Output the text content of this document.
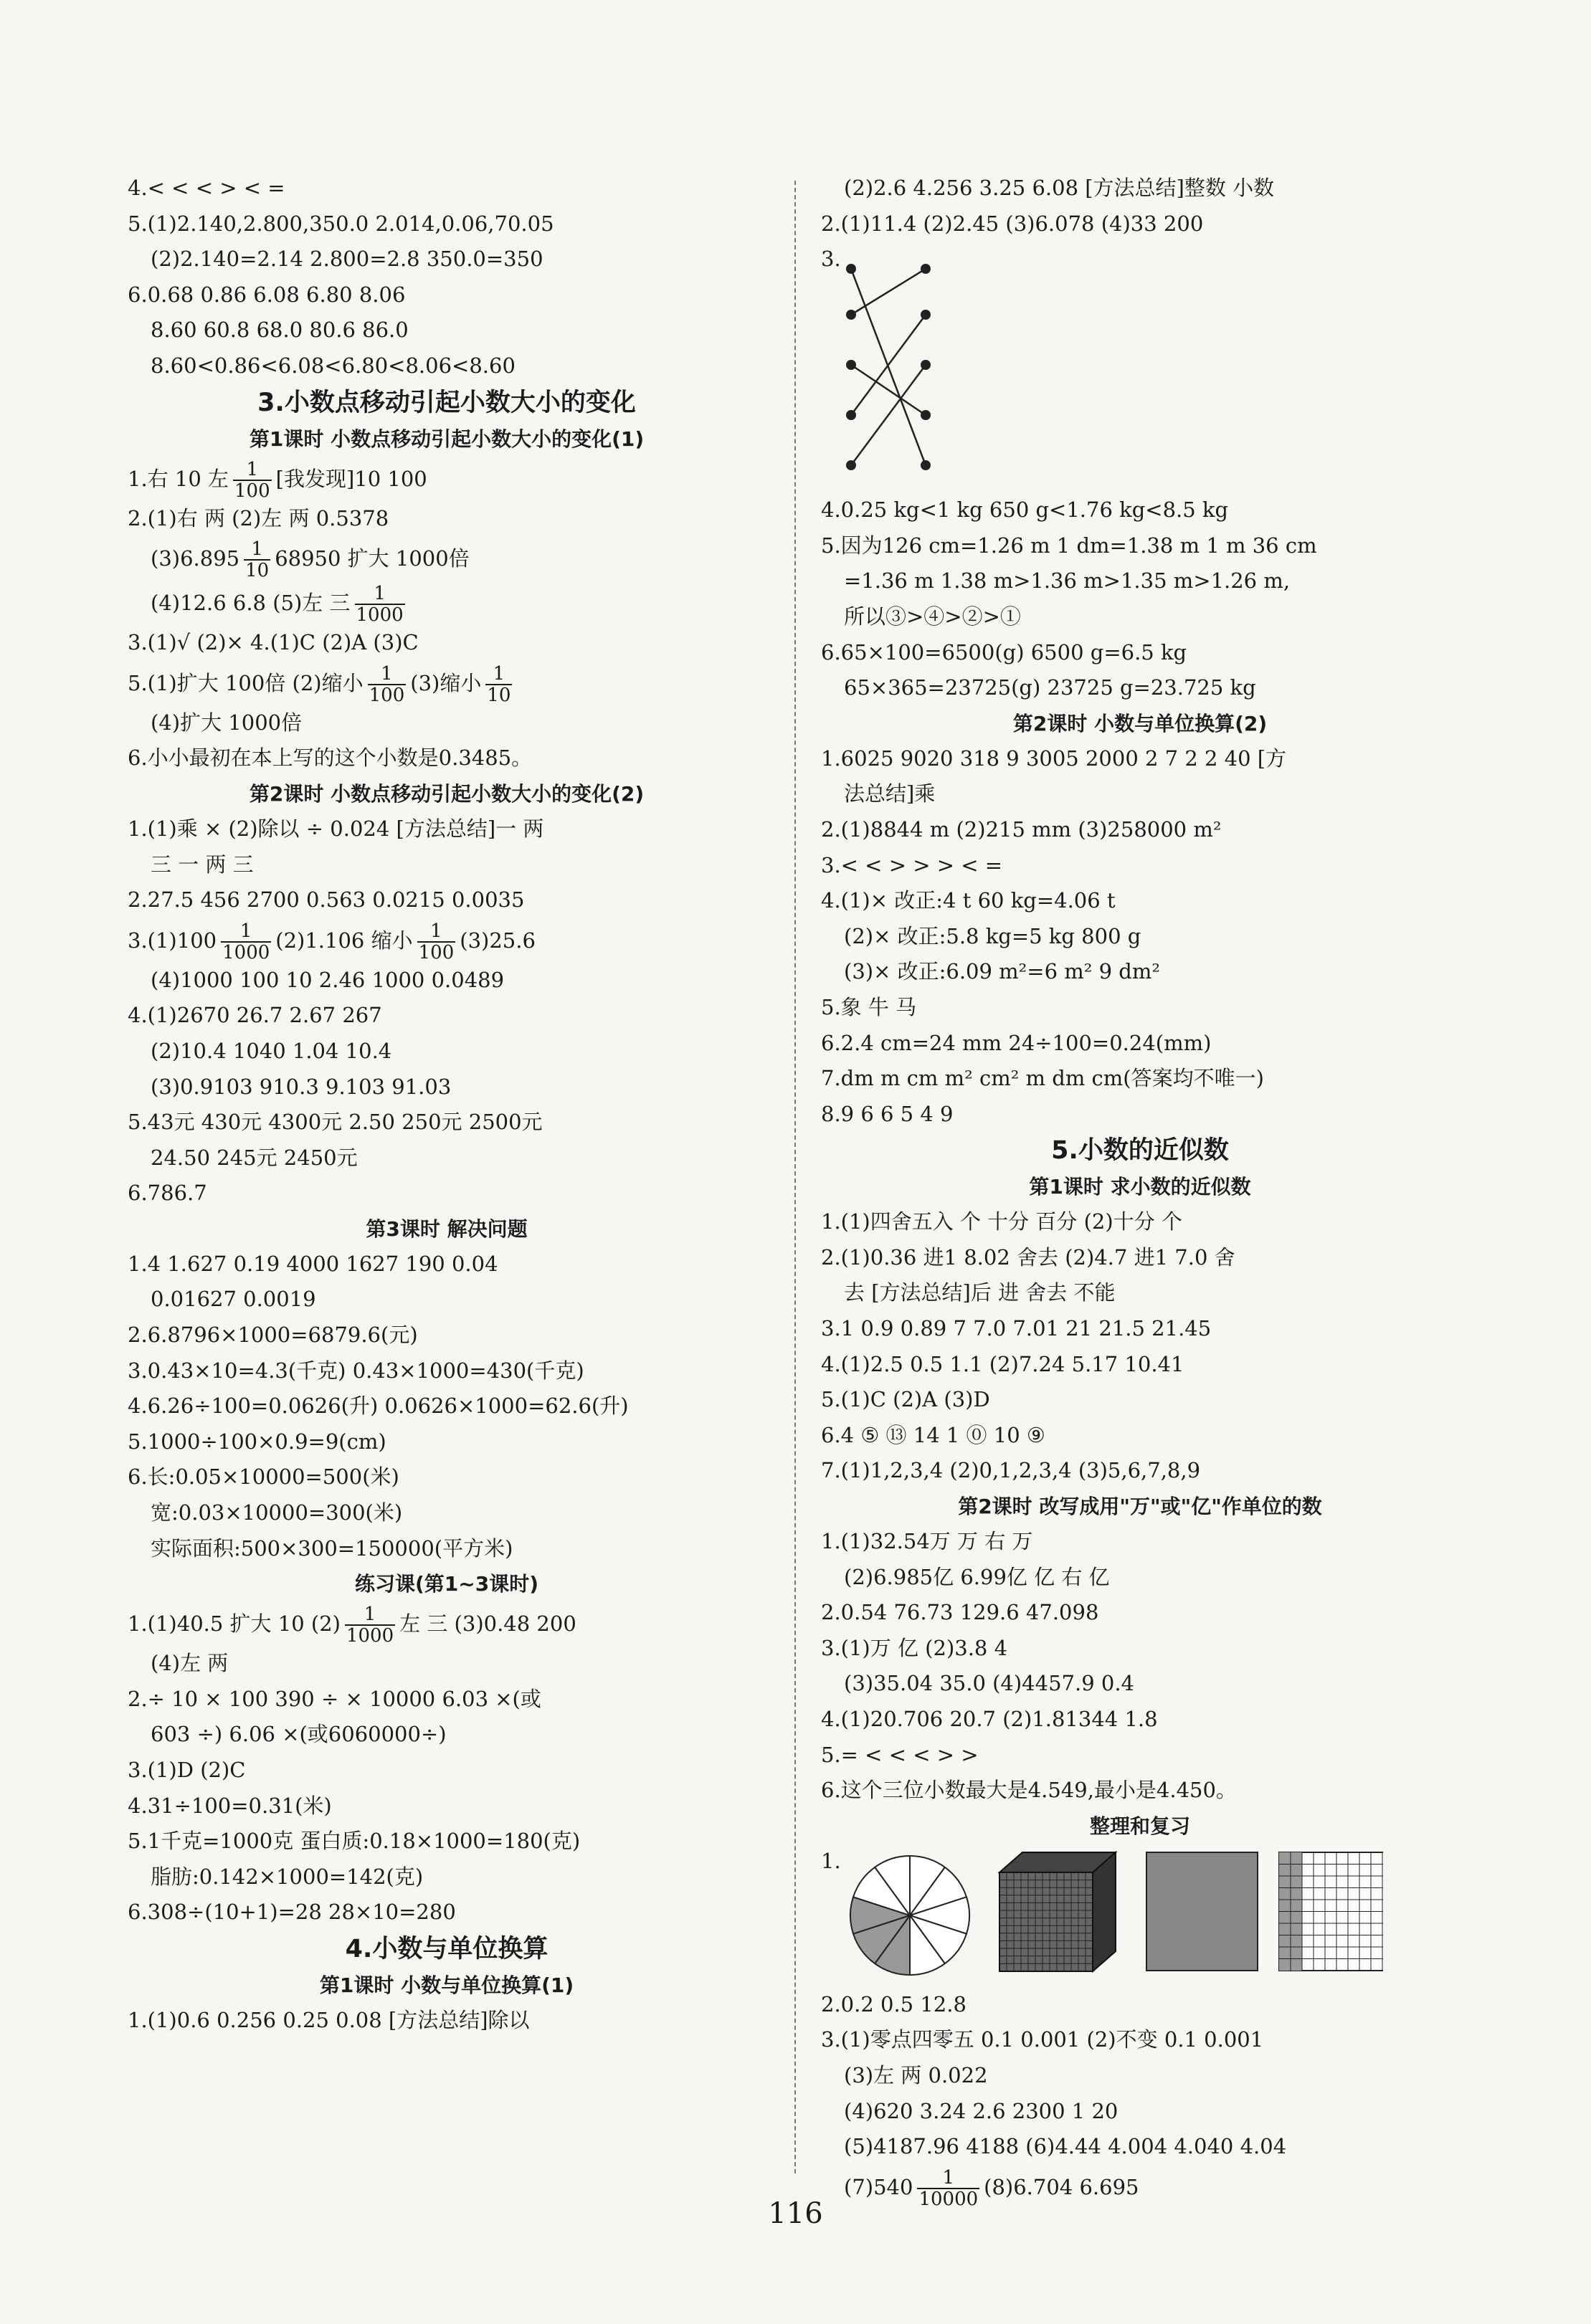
4.< < < > < =
5.(1)2.140,2.800,350.0 2.014,0.06,70.05
(2)2.140=2.14 2.800=2.8 350.0=350
6.0.68 0.86 6.08 6.80 8.06
8.60 60.8 68.0 80.6 86.0
8.60<0.86<6.08<6.80<8.06<8.60
3.小数点移动引起小数大小的变化
第1课时 小数点移动引起小数大小的变化(1)
1.右 10 左 $\frac{1}{100}$ [我发现]10 100
2.(1)右 两 (2)左 两 0.5378
$(3)6.895 \frac{1}{10} 68950$ 扩大 1000倍
(4)12.6 6.8 (5)左 三 $\frac{1}{1000}$
3.(1)√ (2)× 4.(1)C (2)A (3)C
5.(1)扩大 100倍 (2)缩小 $\frac{1}{100} (3)$缩小 $\frac{1}{10}$
(4)扩大 1000倍
6.小小最初在本上写的这个小数是0.3485。
第2课时 小数点移动引起小数大小的变化(2)
1.(1)乘 × (2)除以 ÷ 0.024 [方法总结]一 两
三 一 两 三
2.27.5 456 2700 0.563 0.0215 0.0035
$3.(1)100 \frac{1}{1000} (2)1.106$ 缩小 $\frac{1}{100} (3)25.6$
(4)1000 100 10 2.46 1000 0.0489
4.(1)2670 26.7 2.67 267
(2)10.4 1040 1.04 10.4
(3)0.9103 910.3 9.103 91.03
5.43元 430元 4300元 2.50 250元 2500元
24.50 245元 2450元
6.786.7
第3课时 解决问题
1.4 1.627 0.19 4000 1627 190 0.04
0.01627 0.0019
2.6.8796×1000=6879.6(元)
3.0.43×10=4.3(千克) 0.43×1000=430(千克)
4.6.26÷100=0.0626(升) 0.0626×1000=62.6(升)
5.1000÷100×0.9=9(cm)
6.长:0.05×10000=500(米)
宽:0.03×10000=300(米)
实际面积:500×300=150000(平方米)
练习课(第1~3课时)
1.(1)40.5 扩大 10 $(2) \frac{1}{1000}$ 左 三 (3)0.48 200
(4)左 两
2.÷ 10 × 100 390 ÷ × 10000 6.03 ×(或
603 ÷) 6.06 ×(或6060000÷)
3.(1)D (2)C
4.31÷100=0.31(米)
5.1千克=1000克 蛋白质:0.18×1000=180(克)
脂肪:0.142×1000=142(克)
6.308÷(10+1)=28 28×10=280
4.小数与单位换算
第1课时 小数与单位换算(1)
1.(1)0.6 0.256 0.25 0.08 [方法总结]除以
(2)2.6 4.256 3.25 6.08 [方法总结]整数 小数
2.(1)11.4 (2)2.45 (3)6.078 (4)33 200
3.
4.0.25 kg<1 kg 650 g<1.76 kg<8.5 kg
5.因为126 cm=1.26 m 1 dm=1.38 m 1 m 36 cm
=1.36 m 1.38 m>1.36 m>1.35 m>1.26 m,
所以③>④>②>①
6.65×100=6500(g) 6500 g=6.5 kg
65×365=23725(g) 23725 g=23.725 kg
第2课时 小数与单位换算(2)
1.6025 9020 318 9 3005 2000 2 7 2 2 40 [方
法总结]乘
2.(1)8844 m (2)215 mm (3)258000 m²
3.< < > > > < =
4.(1)× 改正:4 t 60 kg=4.06 t
(2)× 改正:5.8 kg=5 kg 800 g
(3)× 改正:6.09 m²=6 m² 9 dm²
5.象 牛 马
6.2.4 cm=24 mm 24÷100=0.24(mm)
7.dm m cm m² cm² m dm cm(答案均不唯一)
8.9 6 6 5 4 9
5.小数的近似数
第1课时 求小数的近似数
1.(1)四舍五入 个 十分 百分 (2)十分 个
2.(1)0.36 进1 8.02 舍去 (2)4.7 进1 7.0 舍
去 [方法总结]后 进 舍去 不能
3.1 0.9 0.89 7 7.0 7.01 21 21.5 21.45
4.(1)2.5 0.5 1.1 (2)7.24 5.17 10.41
5.(1)C (2)A (3)D
6.4 ⑤ ⑬ 14 1 ⓪ 10 ⑨
7.(1)1,2,3,4 (2)0,1,2,3,4 (3)5,6,7,8,9
第2课时 改写成用"万"或"亿"作单位的数
1.(1)32.54万 万 右 万
(2)6.985亿 6.99亿 亿 右 亿
2.0.54 76.73 129.6 47.098
3.(1)万 亿 (2)3.8 4
(3)35.04 35.0 (4)4457.9 0.4
4.(1)20.706 20.7 (2)1.81344 1.8
5.= < < < > >
6.这个三位小数最大是4.549,最小是4.450。
整理和复习
1.
2.0.2 0.5 12.8
3.(1)零点四零五 0.1 0.001 (2)不变 0.1 0.001
(3)左 两 0.022
(4)620 3.24 2.6 2300 1 20
(5)4187.96 4188 (6)4.44 4.004 4.040 4.04
$(7)540 \frac{1}{10000} (8)6.704$ 6.695
116
